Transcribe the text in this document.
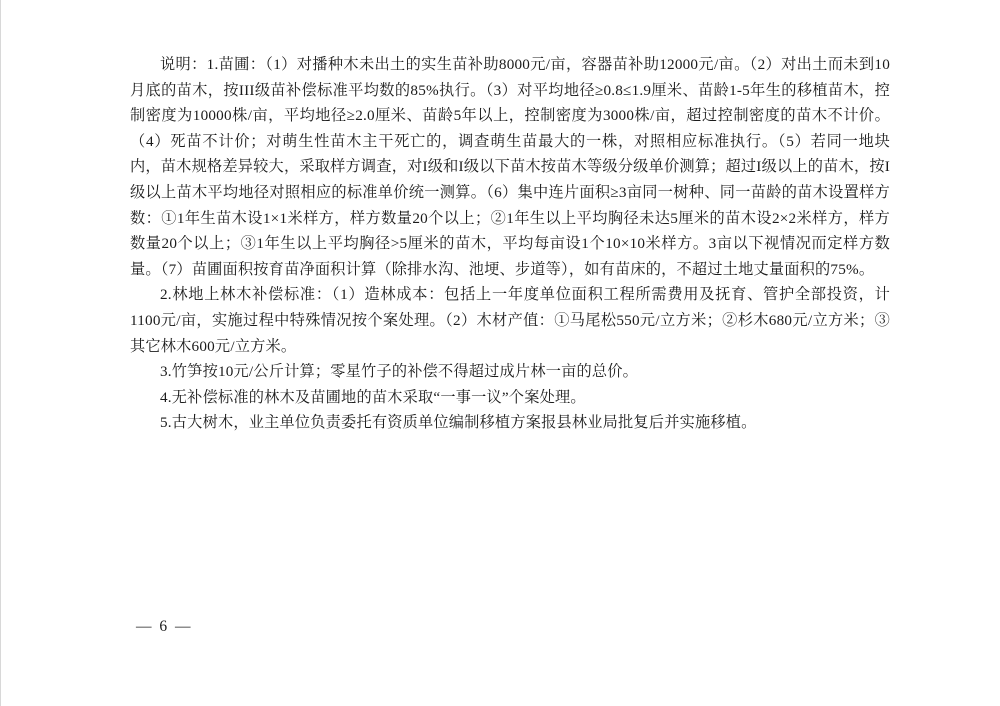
说明：1.苗圃：（1）对播种木未出土的实生苗补助8000元/亩，容器苗补助12000元/亩。（2）对出土而未到10月底的苗木，按III级苗补偿标准平均数的85%执行。（3）对平均地径≥0.8≤1.9厘米、苗龄1-5年生的移植苗木，控制密度为10000株/亩，平均地径≥2.0厘米、苗龄5年以上，控制密度为3000株/亩，超过控制密度的苗木不计价。（4）死苗不计价；对萌生性苗木主干死亡的，调查萌生苗最大的一株，对照相应标准执行。（5）若同一地块内，苗木规格差异较大，采取样方调查，对I级和I级以下苗木按苗木等级分级单价测算；超过I级以上的苗木，按I级以上苗木平均地径对照相应的标准单价统一测算。（6）集中连片面积≥3亩同一树种、同一苗龄的苗木设置样方数：①1年生苗木设1×1米样方，样方数量20个以上；②1年生以上平均胸径未达5厘米的苗木设2×2米样方，样方数量20个以上；③1年生以上平均胸径>5厘米的苗木，平均每亩设1个10×10米样方。3亩以下视情况而定样方数量。（7）苗圃面积按育苗净面积计算（除排水沟、池埂、步道等），如有苗床的，不超过土地丈量面积的75%。

2.林地上林木补偿标准：（1）造林成本：包括上一年度单位面积工程所需费用及抚育、管护全部投资，计1100元/亩，实施过程中特殊情况按个案处理。（2）木材产值：①马尾松550元/立方米；②杉木680元/立方米；③其它林木600元/立方米。

3.竹笋按10元/公斤计算；零星竹子的补偿不得超过成片林一亩的总价。

4.无补偿标准的林木及苗圃地的苗木采取“一事一议”个案处理。

5.古大树木，业主单位负责委托有资质单位编制移植方案报县林业局批复后并实施移植。

— 6 —
